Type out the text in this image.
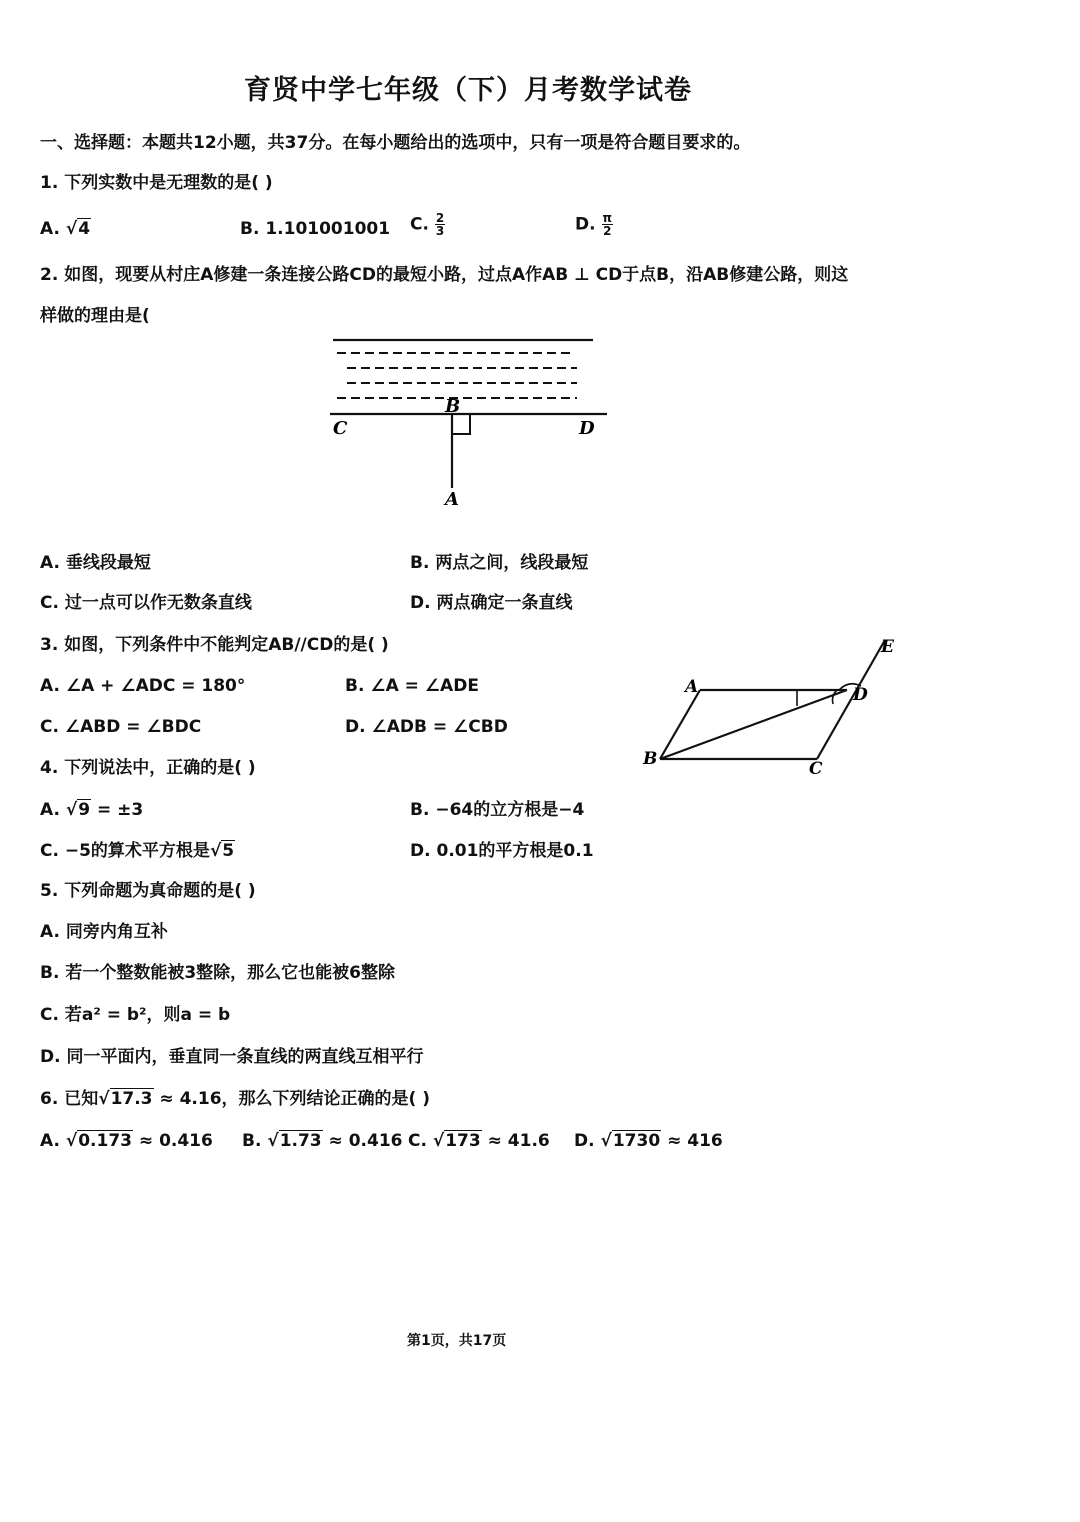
育贤中学七年级（下）月考数学试卷
一、选择题：本题共12小题，共37分。在每小题给出的选项中，只有一项是符合题目要求的。
1. 下列实数中是无理数的是( )
A. √4	B. 1.101001001 C. $\frac{2}{3}$	D. $\frac{\pi}{2}$
2. 如图，现要从村庄A修建一条连接公路CD的最短小路，过点A作AB ⊥ CD于点B，沿AB修建公路，则这
样做的理由是(
B
C	D
A
A. 垂线段最短	B. 两点之间，线段最短
C. 过一点可以作无数条直线	D. 两点确定一条直线
3. 如图，下列条件中不能判定AB//CD的是( )
A. ∠A + ∠ADC = 180°	B. ∠A = ∠ADE
C. ∠ABD = ∠BDC	D. ∠ADB = ∠CBD
A	D
E
B	C
4. 下列说法中，正确的是( )
A. √9 = ±3	B. −64的立方根是−4
C. −5的算术平方根是√5	D. 0.01的平方根是0.1
5. 下列命题为真命题的是( )
A. 同旁内角互补
B. 若一个整数能被3整除，那么它也能被6整除
C. 若a² = b²，则a = b
D. 同一平面内，垂直同一条直线的两直线互相平行
6. 已知√17.3 ≈ 4.16，那么下列结论正确的是( )
A. √0.173 ≈ 0.416 B. √1.73 ≈ 0.416 C. √173 ≈ 41.6 D. √1730 ≈ 416
第1页，共17页
